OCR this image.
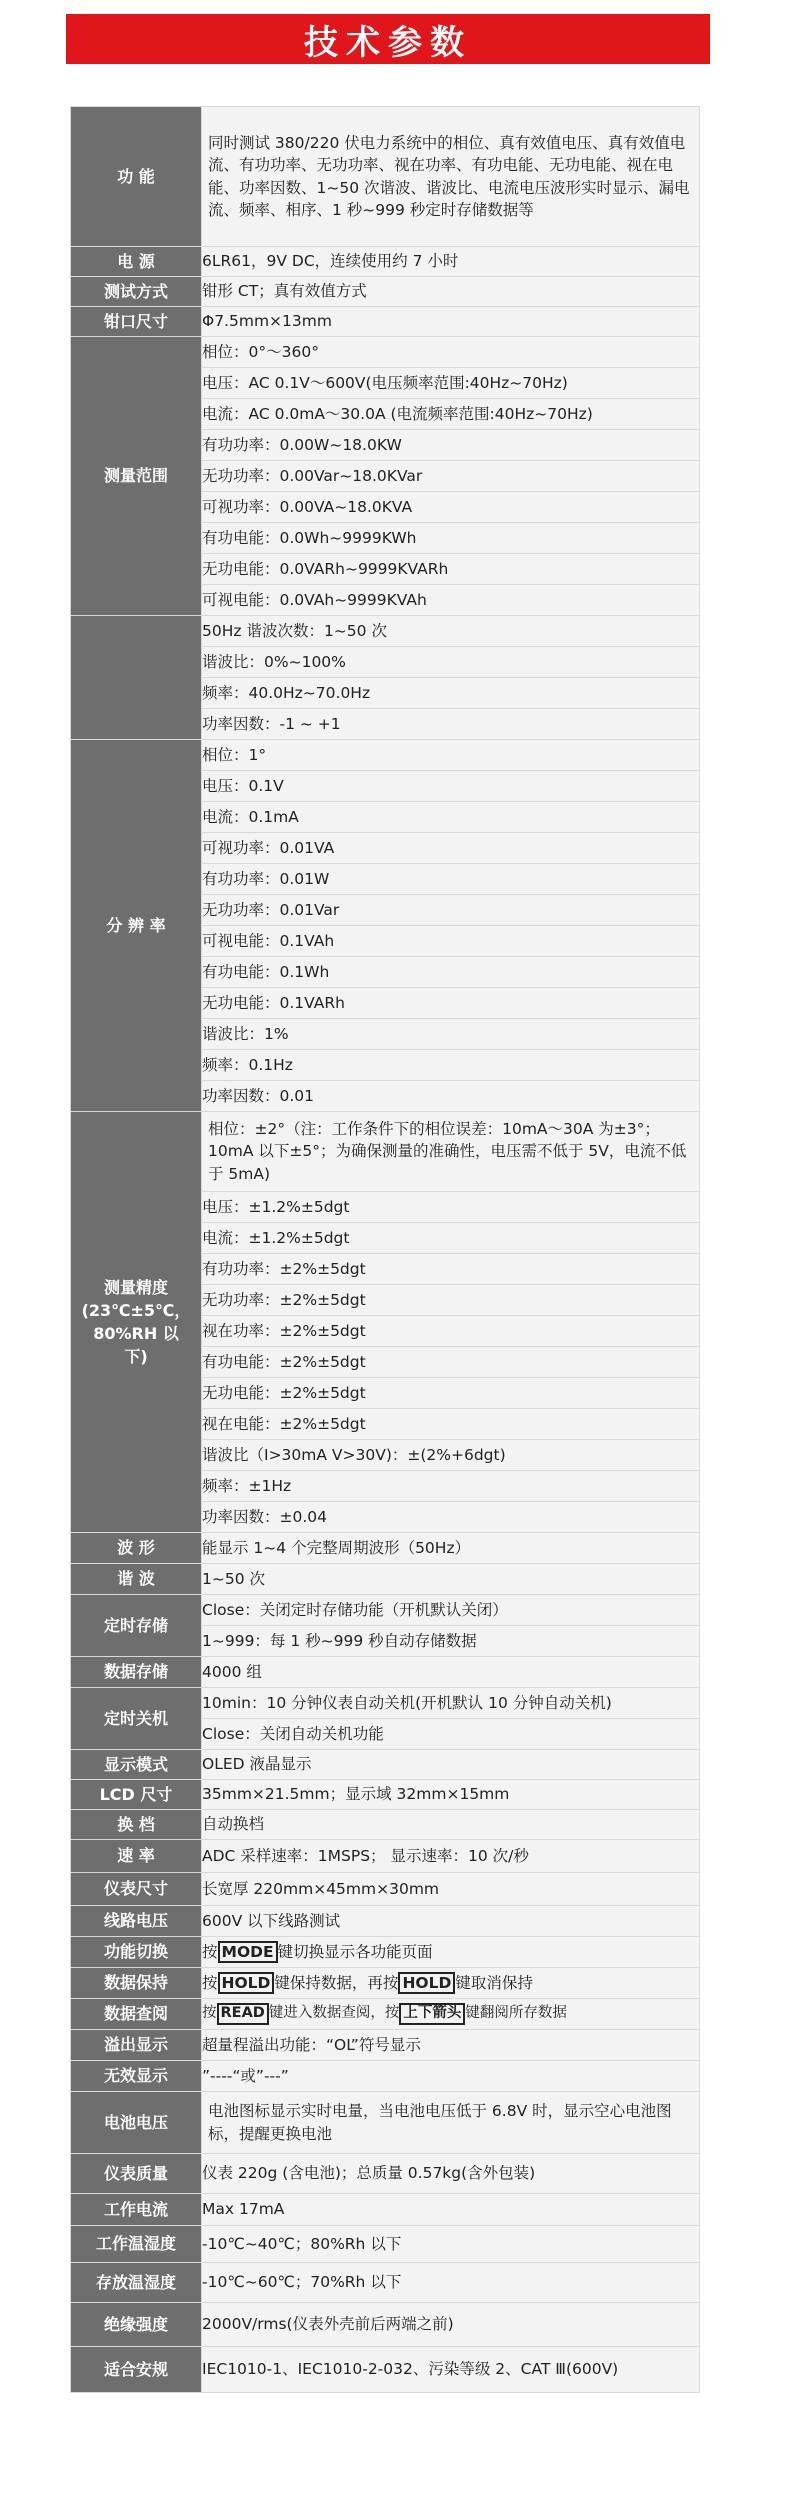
技术参数
功 能	同时测试 380/220 伏电力系统中的相位、真有效值电压、真有效值电流、有功功率、无功功率、视在功率、有功电能、无功电能、视在电能、功率因数、1~50 次谐波、谐波比、电流电压波形实时显示、漏电流、频率、相序、1 秒~999 秒定时存储数据等
电 源	6LR61，9V DC，连续使用约 7 小时
测试方式	钳形 CT；真有效值方式
钳口尺寸	Φ7.5mm×13mm
测量范围	相位：0°～360°
	电压：AC 0.1V～600V(电压频率范围:40Hz~70Hz)
	电流：AC 0.0mA～30.0A (电流频率范围:40Hz~70Hz)
	有功功率：0.00W~18.0KW
	无功功率：0.00Var~18.0KVar
	可视功率：0.00VA~18.0KVA
	有功电能：0.0Wh~9999KWh
	无功电能：0.0VARh~9999KVARh
	可视电能：0.0VAh~9999KVAh
	50Hz 谐波次数：1~50 次
	谐波比：0%~100%
	频率：40.0Hz~70.0Hz
	功率因数：-1 ~ +1
分 辨 率	相位：1°
	电压：0.1V
	电流：0.1mA
	可视功率：0.01VA
	有功功率：0.01W
	无功功率：0.01Var
	可视电能：0.1VAh
	有功电能：0.1Wh
	无功电能：0.1VARh
	谐波比：1%
	频率：0.1Hz
	功率因数：0.01
测量精度
(23℃±5℃，
80%RH 以
下)	相位：±2°（注：工作条件下的相位误差：10mA～30A 为±3°；10mA 以下±5°；为确保测量的准确性，电压需不低于 5V，电流不低于 5mA)
	电压：±1.2%±5dgt
	电流：±1.2%±5dgt
	有功功率：±2%±5dgt
	无功功率：±2%±5dgt
	视在功率：±2%±5dgt
	有功电能：±2%±5dgt
	无功电能：±2%±5dgt
	视在电能：±2%±5dgt
	谐波比（I>30mA V>30V)：±(2%+6dgt)
	频率：±1Hz
	功率因数：±0.04
波 形	能显示 1~4 个完整周期波形（50Hz）
谐 波	1~50 次
定时存储	Close：关闭定时存储功能（开机默认关闭）
	1~999：每 1 秒~999 秒自动存储数据
数据存储	4000 组
定时关机	10min：10 分钟仪表自动关机(开机默认 10 分钟自动关机)
	Close：关闭自动关机功能
显示模式	OLED 液晶显示
LCD 尺寸	35mm×21.5mm；显示域 32mm×15mm
换 档	自动换档
速 率	ADC 采样速率：1MSPS； 显示速率：10 次/秒
仪表尺寸	长宽厚 220mm×45mm×30mm
线路电压	600V 以下线路测试
功能切换	按 MODE 键切换显示各功能页面
数据保持	按 HOLD 键保持数据，再按 HOLD 键取消保持
数据查阅	按 READ 键进入数据查阅，按 上下箭头 键翻阅所存数据
溢出显示	超量程溢出功能：“OL”符号显示
无效显示	”----“或”---”
电池电压	电池图标显示实时电量，当电池电压低于 6.8V 时，显示空心电池图标，提醒更换电池
仪表质量	仪表 220g (含电池)；总质量 0.57kg(含外包装)
工作电流	Max 17mA
工作温湿度	-10℃~40℃；80%Rh 以下
存放温湿度	-10℃~60℃；70%Rh 以下
绝缘强度	2000V/rms(仪表外壳前后两端之前)
适合安规	IEC1010-1、IEC1010-2-032、污染等级 2、CAT Ⅲ(600V)
